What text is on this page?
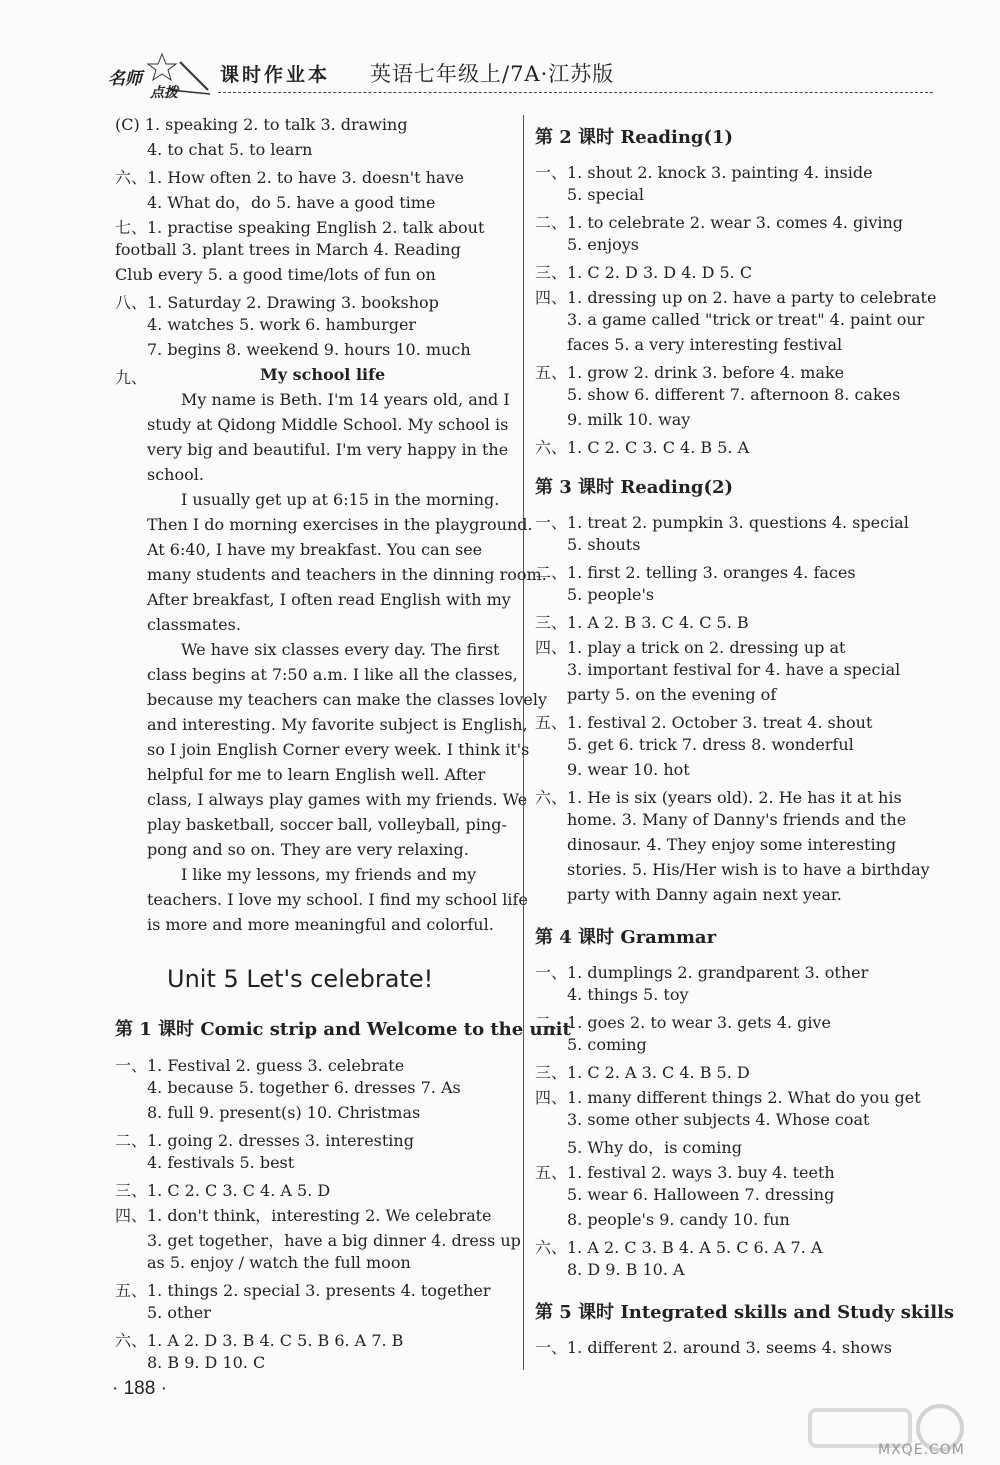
名师
点拨
课时作业本 英语七年级上/7A·江苏版
(C) 1. speaking 2. to talk 3. drawing
4. to chat 5. to learn
六、1. How often 2. to have 3. doesn't have
4. What do，do 5. have a good time
七、1. practise speaking English 2. talk about
football 3. plant trees in March 4. Reading
Club every 5. a good time/lots of fun on
八、1. Saturday 2. Drawing 3. bookshop
4. watches 5. work 6. hamburger
7. begins 8. weekend 9. hours 10. much
九、	My school life
My name is Beth. I'm 14 years old, and I
study at Qidong Middle School. My school is
very big and beautiful. I'm very happy in the
school.
I usually get up at 6:15 in the morning.
Then I do morning exercises in the playground.
At 6:40, I have my breakfast. You can see
many students and teachers in the dinning room.
After breakfast, I often read English with my
classmates.
We have six classes every day. The first
class begins at 7:50 a.m. I like all the classes,
because my teachers can make the classes lovely
and interesting. My favorite subject is English,
so I join English Corner every week. I think it's
helpful for me to learn English well. After
class, I always play games with my friends. We
play basketball, soccer ball, volleyball, ping-
pong and so on. They are very relaxing.
I like my lessons, my friends and my
teachers. I love my school. I find my school life
is more and more meaningful and colorful.
Unit 5 Let's celebrate!
第 1 课时 Comic strip and Welcome to the unit
一、1. Festival 2. guess 3. celebrate
4. because 5. together 6. dresses 7. As
8. full 9. present(s) 10. Christmas
二、1. going 2. dresses 3. interesting
4. festivals 5. best
三、1. C 2. C 3. C 4. A 5. D
四、1. don't think，interesting 2. We celebrate
3. get together，have a big dinner 4. dress up
as 5. enjoy / watch the full moon
五、1. things 2. special 3. presents 4. together
5. other
六、1. A 2. D 3. B 4. C 5. B 6. A 7. B
8. B 9. D 10. C
第 2 课时 Reading(1)
一、1. shout 2. knock 3. painting 4. inside
5. special
二、1. to celebrate 2. wear 3. comes 4. giving
5. enjoys
三、1. C 2. D 3. D 4. D 5. C
四、1. dressing up on 2. have a party to celebrate
3. a game called "trick or treat" 4. paint our
faces 5. a very interesting festival
五、1. grow 2. drink 3. before 4. make
5. show 6. different 7. afternoon 8. cakes
9. milk 10. way
六、1. C 2. C 3. C 4. B 5. A
第 3 课时 Reading(2)
一、1. treat 2. pumpkin 3. questions 4. special
5. shouts
二、1. first 2. telling 3. oranges 4. faces
5. people's
三、1. A 2. B 3. C 4. C 5. B
四、1. play a trick on 2. dressing up at
3. important festival for 4. have a special
party 5. on the evening of
五、1. festival 2. October 3. treat 4. shout
5. get 6. trick 7. dress 8. wonderful
9. wear 10. hot
六、1. He is six (years old). 2. He has it at his
home. 3. Many of Danny's friends and the
dinosaur. 4. They enjoy some interesting
stories. 5. His/Her wish is to have a birthday
party with Danny again next year.
第 4 课时 Grammar
一、1. dumplings 2. grandparent 3. other
4. things 5. toy
二、1. goes 2. to wear 3. gets 4. give
5. coming
三、1. C 2. A 3. C 4. B 5. D
四、1. many different things 2. What do you get
3. some other subjects 4. Whose coat
5. Why do，is coming
五、1. festival 2. ways 3. buy 4. teeth
5. wear 6. Halloween 7. dressing
8. people's 9. candy 10. fun
六、1. A 2. C 3. B 4. A 5. C 6. A 7. A
8. D 9. B 10. A
第 5 课时 Integrated skills and Study skills
一、1. different 2. around 3. seems 4. shows
· 188 ·
MXQE.COM
